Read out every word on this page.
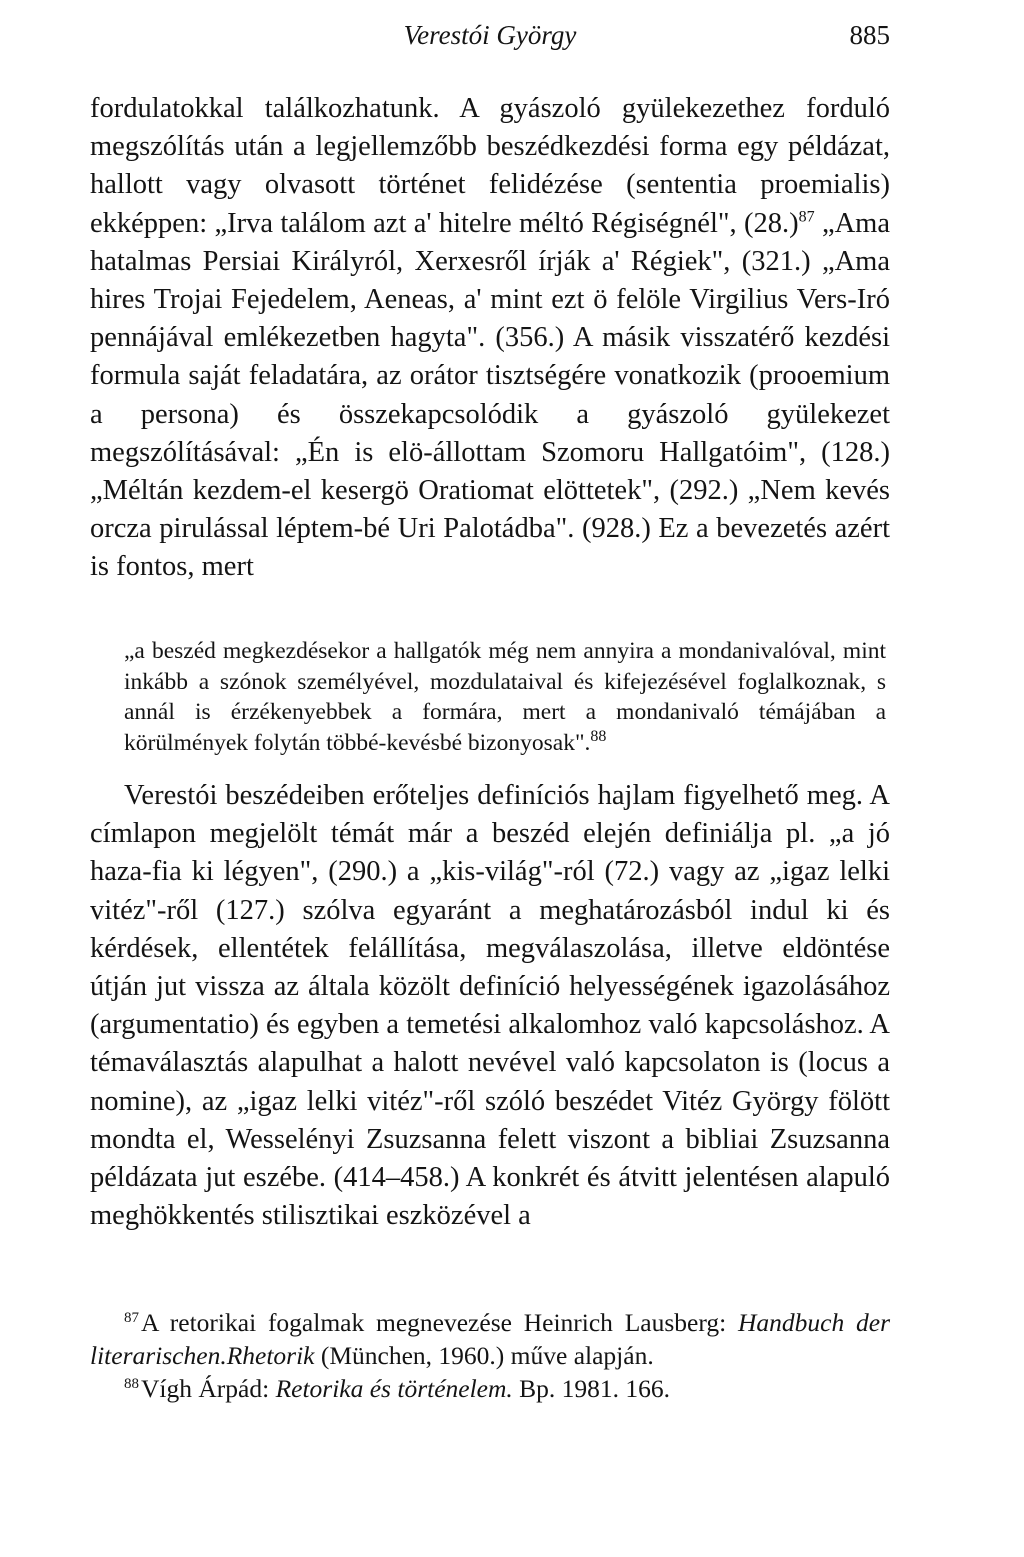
Verestói György	885

fordulatokkal találkozhatunk. A gyászoló gyülekezethez forduló megszólítás után a legjellemzőbb beszédkezdési forma egy példázat, hallott vagy olvasott történet felidézése (sententia proemialis) ekképpen: „Irva találom azt a' hitelre méltó Régiségnél", $(28.)^{87}$ „Ama hatalmas Persiai Királyról, Xerxesről írják a' Régiek", (321.) „Ama hires Trojai Fejedelem, Aeneas, a' mint ezt ö felöle Virgilius Vers-Iró pennájával emlékezetben hagyta". (356.) A másik visszatérő kezdési formula saját feladatára, az orátor tisztségére vonatkozik (prooemium a persona) és összekapcsolódik a gyászoló gyülekezet megszólításával: „Én is elö-állottam Szomoru Hallgatóim", (128.) „Méltán kezdem-el kesergö Oratiomat elöttetek", (292.) „Nem kevés orcza pirulással léptem-bé Uri Palotádba". (928.) Ez a bevezetés azért is fontos, mert

„a beszéd megkezdésekor a hallgatók még nem annyira a mondanivalóval, mint inkább a szónok személyével, mozdulataival és kifejezésével foglalkoznak, s annál is érzékenyebbek a formára, mert a mondanivaló témájában a körülmények folytán többé-kevésbé bizonyosak".$^{88}$

Verestói beszédeiben erőteljes definíciós hajlam figyelhető meg. A címlapon megjelölt témát már a beszéd elején definiálja pl. „a jó haza-fia ki légyen", (290.) a „kis-világ"-ról (72.) vagy az „igaz lelki vitéz"-ről (127.) szólva egyaránt a meghatározásból indul ki és kérdések, ellentétek felállítása, megválaszolása, illetve eldöntése útján jut vissza az általa közölt definíció helyességének igazolásához (argumentatio) és egyben a temetési alkalomhoz való kapcsoláshoz. A témaválasztás alapulhat a halott nevével való kapcsolaton is (locus a nomine), az „igaz lelki vitéz"-ről szóló beszédet Vitéz György fölött mondta el, Wesselényi Zsuzsanna felett viszont a bibliai Zsuzsanna példázata jut eszébe. (414–458.) A konkrét és átvitt jelentésen alapuló meghökkentés stilisztikai eszközével a

$^{87}$A retorikai fogalmak megnevezése Heinrich Lausberg: Handbuch der literarischen.Rhetorik (München, 1960.) műve alapján.
$^{88}$Vígh Árpád: Retorika és történelem. Bp. 1981. 166.
